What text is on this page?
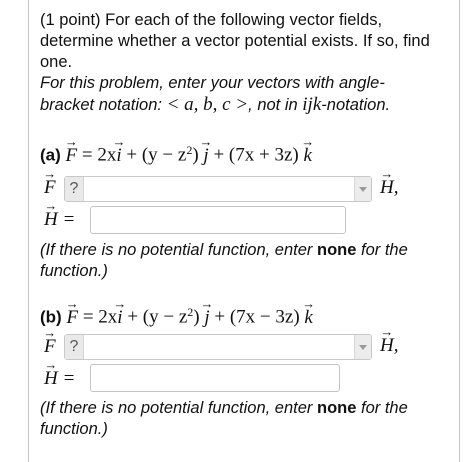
(1 point) For each of the following vector fields,
determine whether a vector potential exists. If so, find
one.
For this problem, enter your vectors with angle-
bracket notation: < a, b, c >, not in ijk-notation.
$(a) \to F = 2x\to i + (y - z^2) \to j + (7x + 3z) \to k$
→ F ?	→ H,
→ H =
(If there is no potential function, enter none for the
function.)
$(b) \to F = 2x\to i + (y - z^2) \to j + (7x - 3z) \to k$
→ F ?	→ H,
→ H =
(If there is no potential function, enter none for the
function.)
